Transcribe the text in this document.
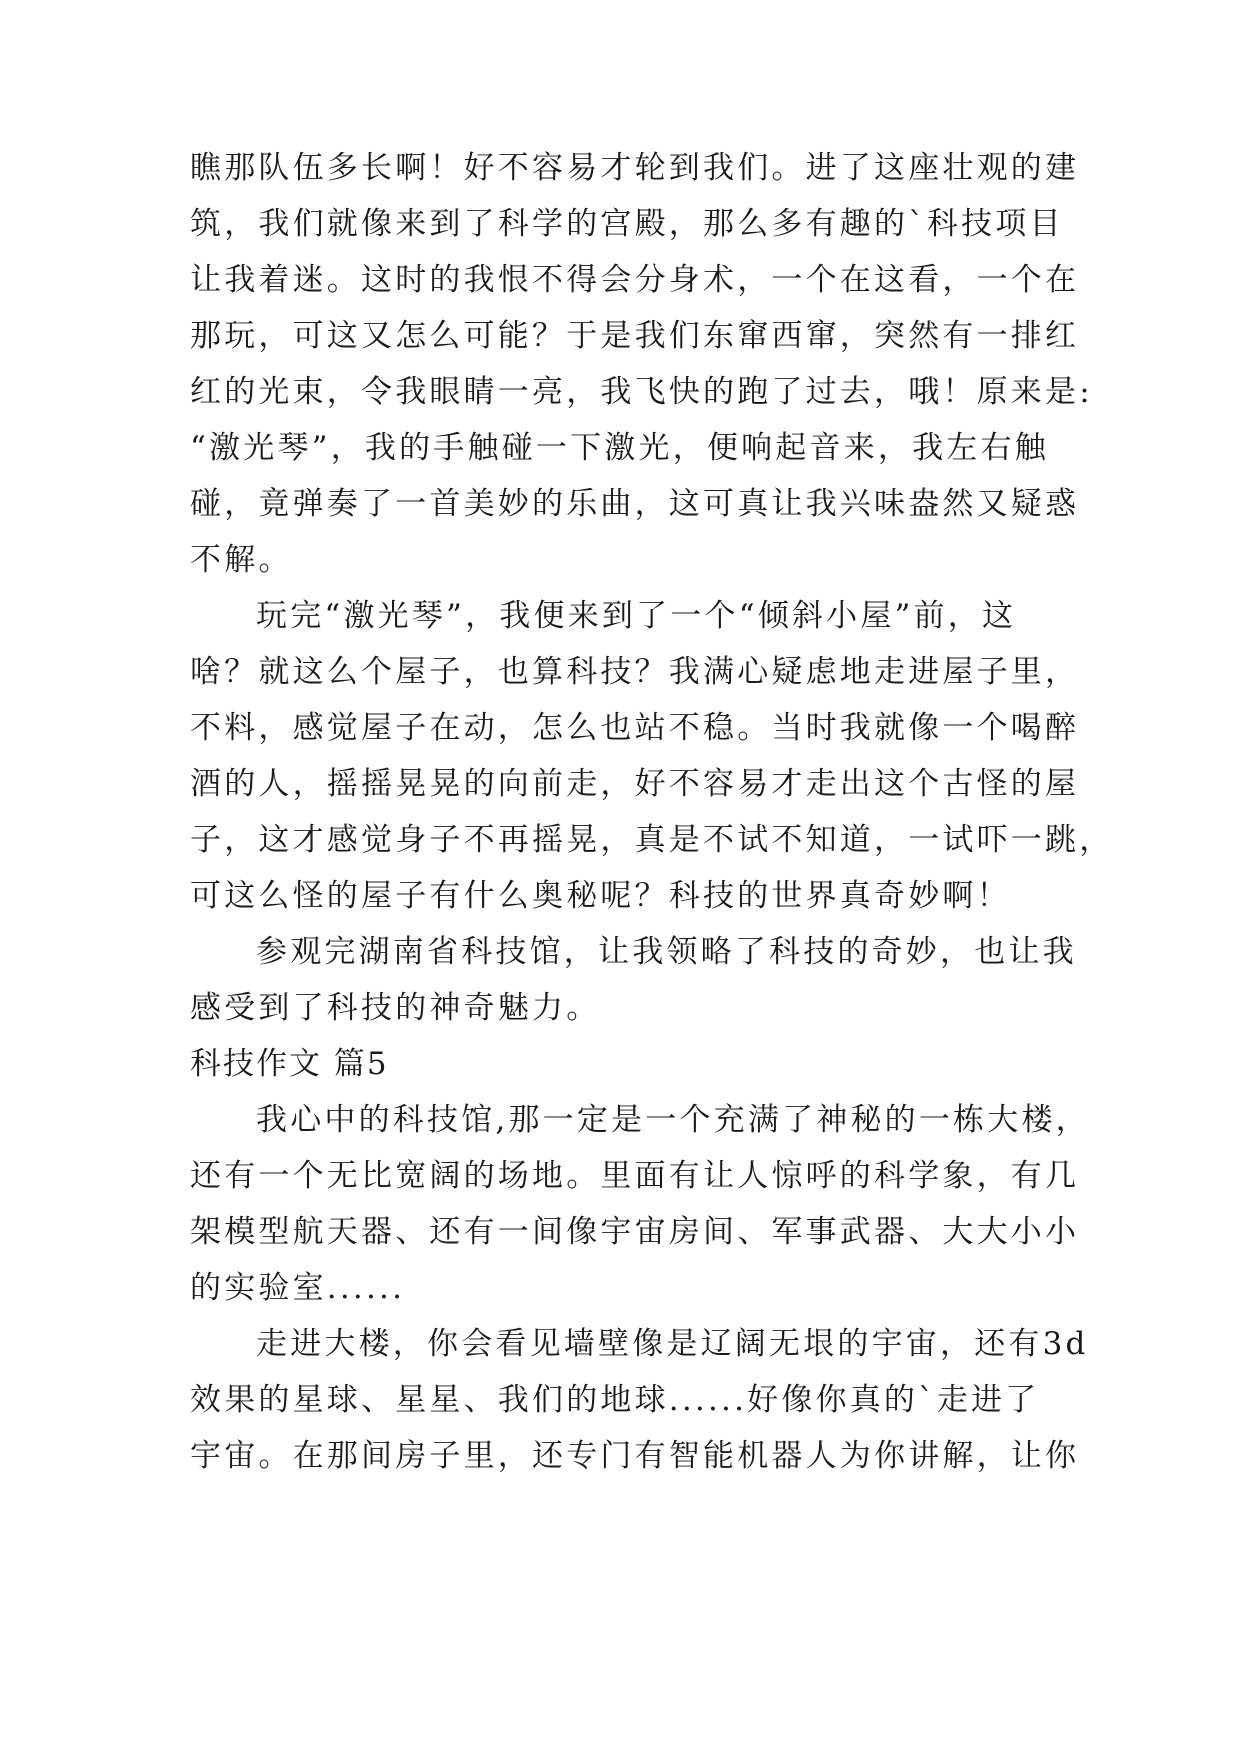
瞧那队伍多长啊！好不容易才轮到我们。进了这座壮观的建
筑，我们就像来到了科学的宫殿，那么多有趣的`科技项目
让我着迷。这时的我恨不得会分身术，一个在这看，一个在
那玩，可这又怎么可能？于是我们东窜西窜，突然有一排红
红的光束，令我眼睛一亮，我飞快的跑了过去，哦！原来是:
“激光琴”，我的手触碰一下激光，便响起音来，我左右触
碰，竟弹奏了一首美妙的乐曲，这可真让我兴味盎然又疑惑
不解。
玩完“激光琴”，我便来到了一个“倾斜小屋”前，这
啥？就这么个屋子，也算科技？我满心疑虑地走进屋子里，
不料，感觉屋子在动，怎么也站不稳。当时我就像一个喝醉
酒的人，摇摇晃晃的向前走，好不容易才走出这个古怪的屋
子，这才感觉身子不再摇晃，真是不试不知道，一试吓一跳，
可这么怪的屋子有什么奥秘呢？科技的世界真奇妙啊！
参观完湖南省科技馆，让我领略了科技的奇妙，也让我
感受到了科技的神奇魅力。
科技作文 篇5
我心中的科技馆,那一定是一个充满了神秘的一栋大楼，
还有一个无比宽阔的场地。里面有让人惊呼的科学象，有几
架模型航天器、还有一间像宇宙房间、军事武器、大大小小
的实验室......
走进大楼，你会看见墙壁像是辽阔无垠的宇宙，还有3d
效果的星球、星星、我们的地球......好像你真的`走进了
宇宙。在那间房子里，还专门有智能机器人为你讲解，让你
